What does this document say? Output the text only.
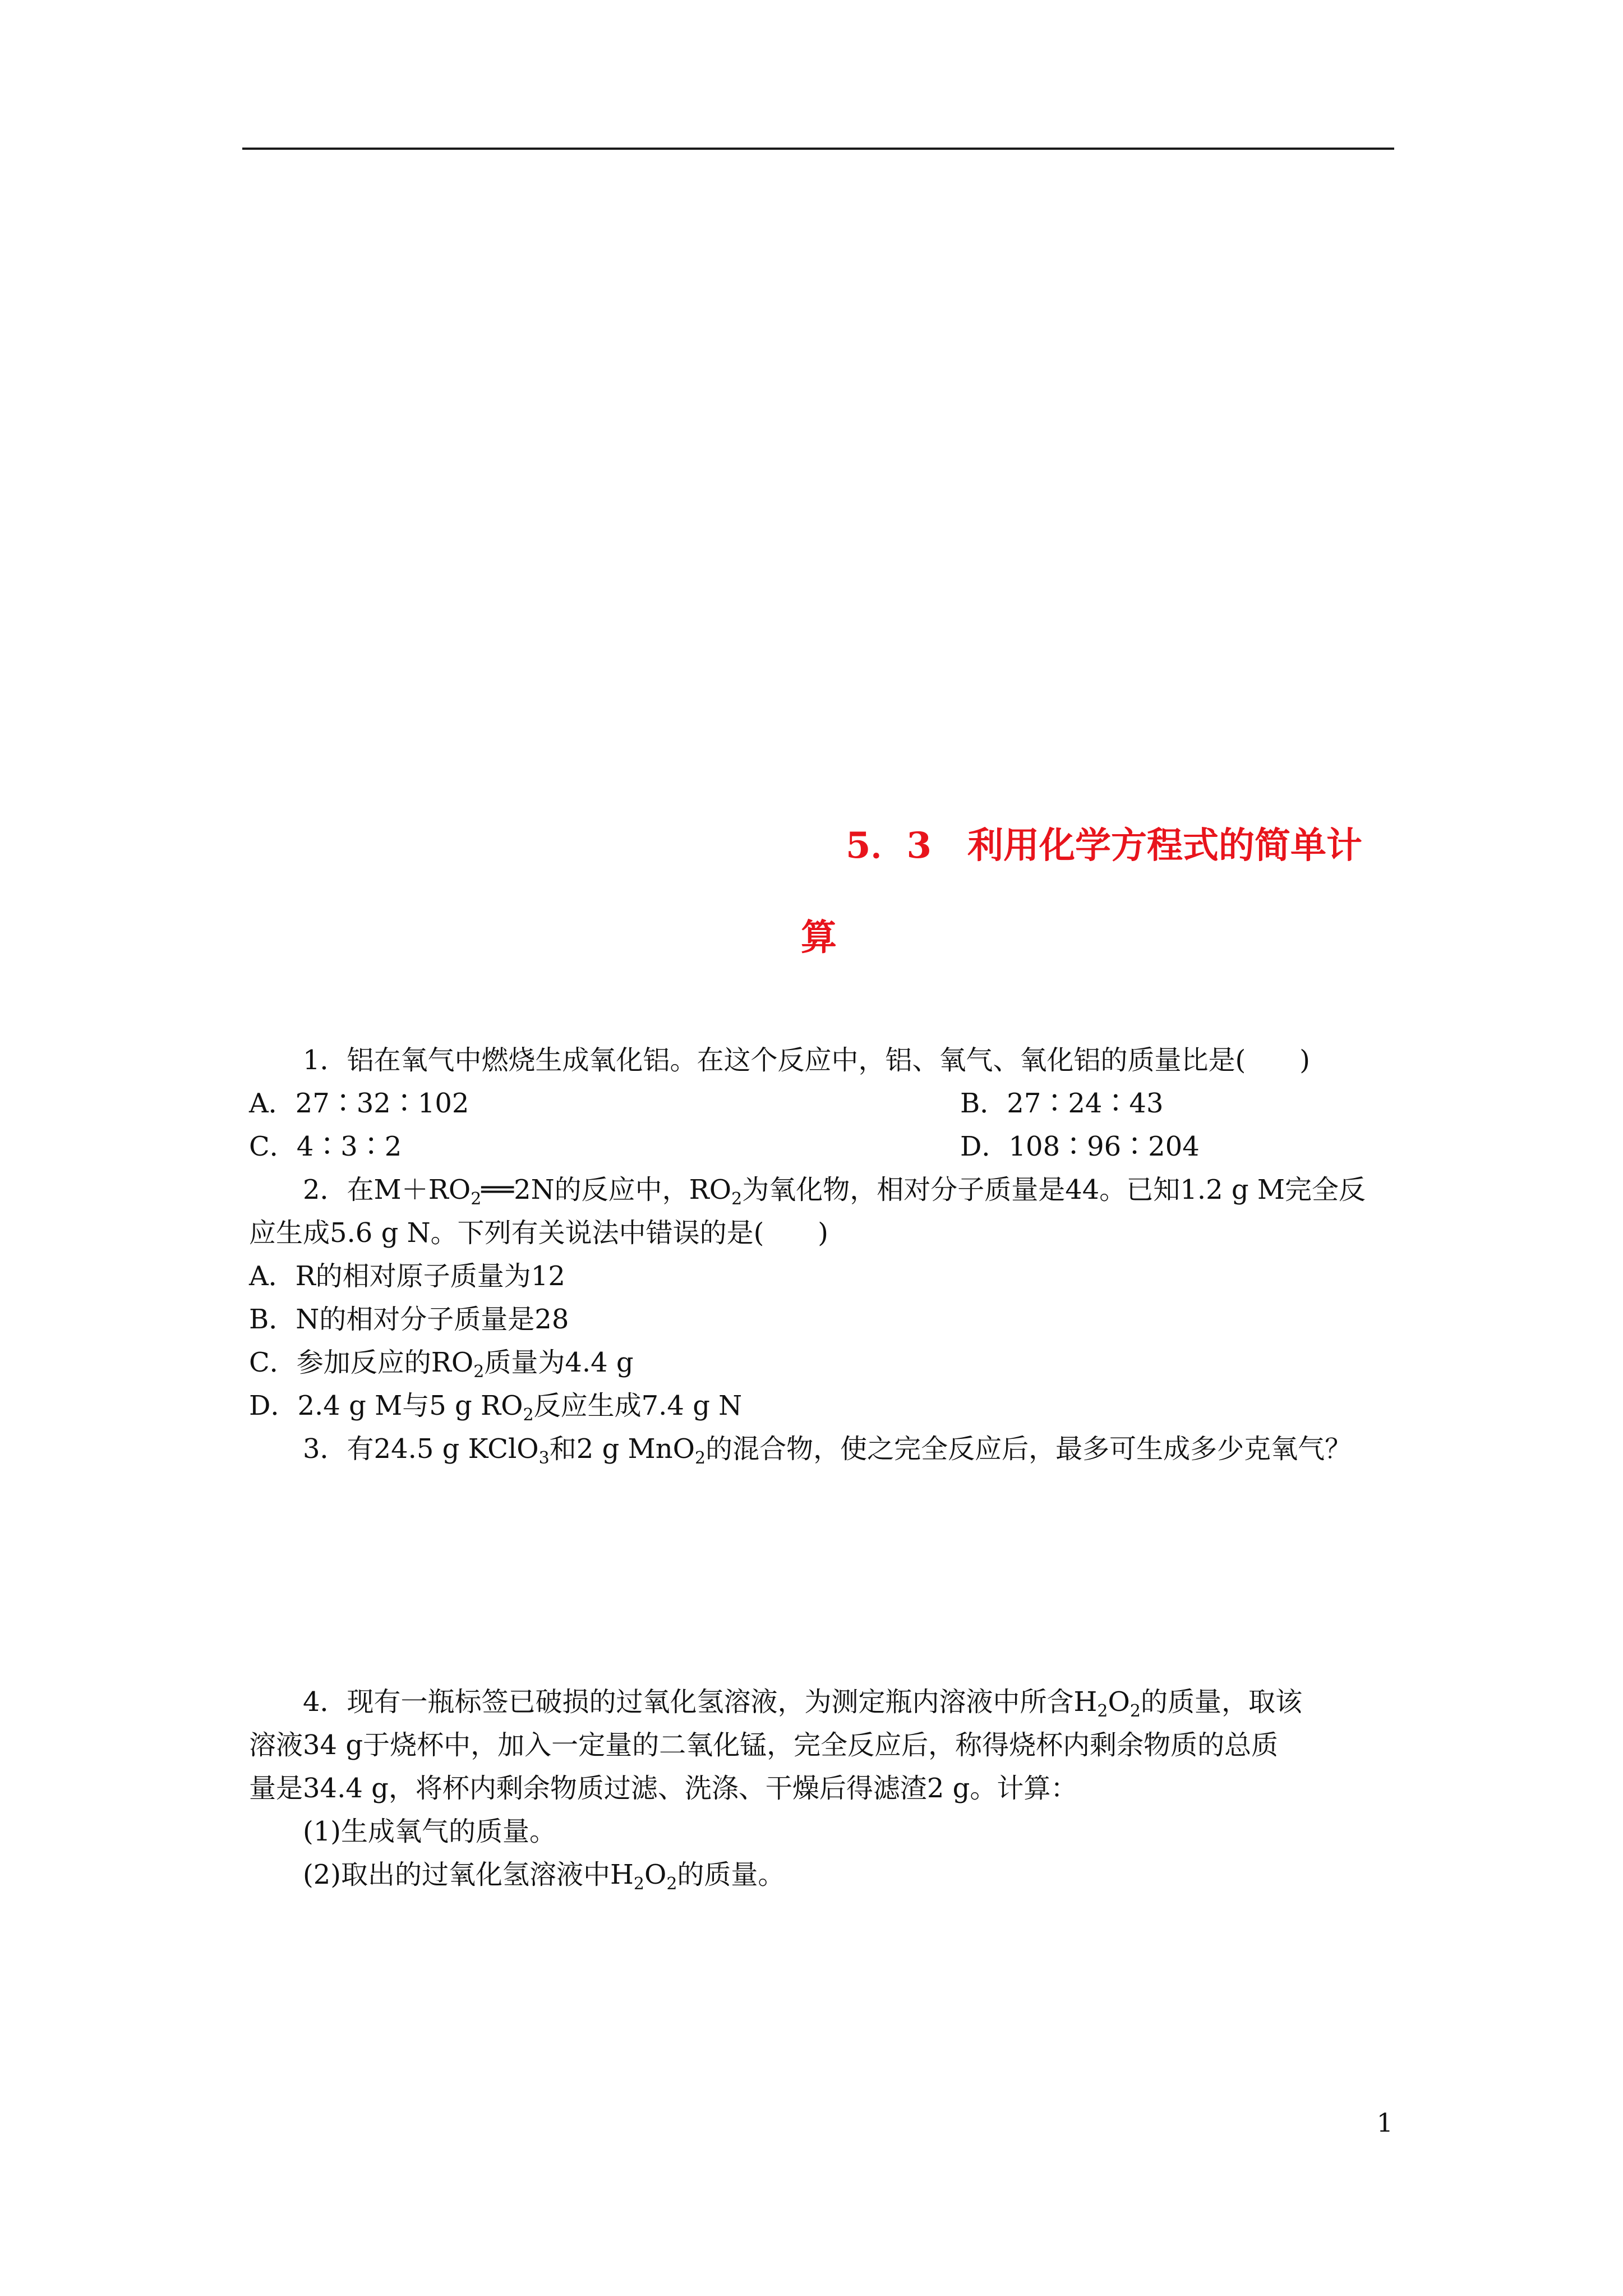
5．3　利用化学方程式的简单计
算
1．铝在氧气中燃烧生成氧化铝。在这个反应中，铝、氧气、氧化铝的质量比是(　　)
A．27∶32∶102	B．27∶24∶43
C．4∶3∶2	D．108∶96∶204
2．在$M+RO_2══2N$的反应中，$RO_2$为氧化物，相对分子质量是44。已知1.2 g M完全反
应生成5.6 g N。下列有关说法中错误的是(　　)
A．R的相对原子质量为12
B．N的相对分子质量是28
C．参加反应的$RO_2$质量为4.4 g
D．2.4 g M与5 g $RO_2$反应生成7.4 g N
3．有24.5 g KClO$_3$和2 g MnO$_2$的混合物，使之完全反应后，最多可生成多少克氧气？
4．现有一瓶标签已破损的过氧化氢溶液，为测定瓶内溶液中所含$H_2O_2$的质量，取该
溶液34 g于烧杯中，加入一定量的二氧化锰，完全反应后，称得烧杯内剩余物质的总质
量是34.4 g，将杯内剩余物质过滤、洗涤、干燥后得滤渣2 g。计算：
(1)生成氧气的质量。
(2)取出的过氧化氢溶液中$H_2O_2$的质量。
1
